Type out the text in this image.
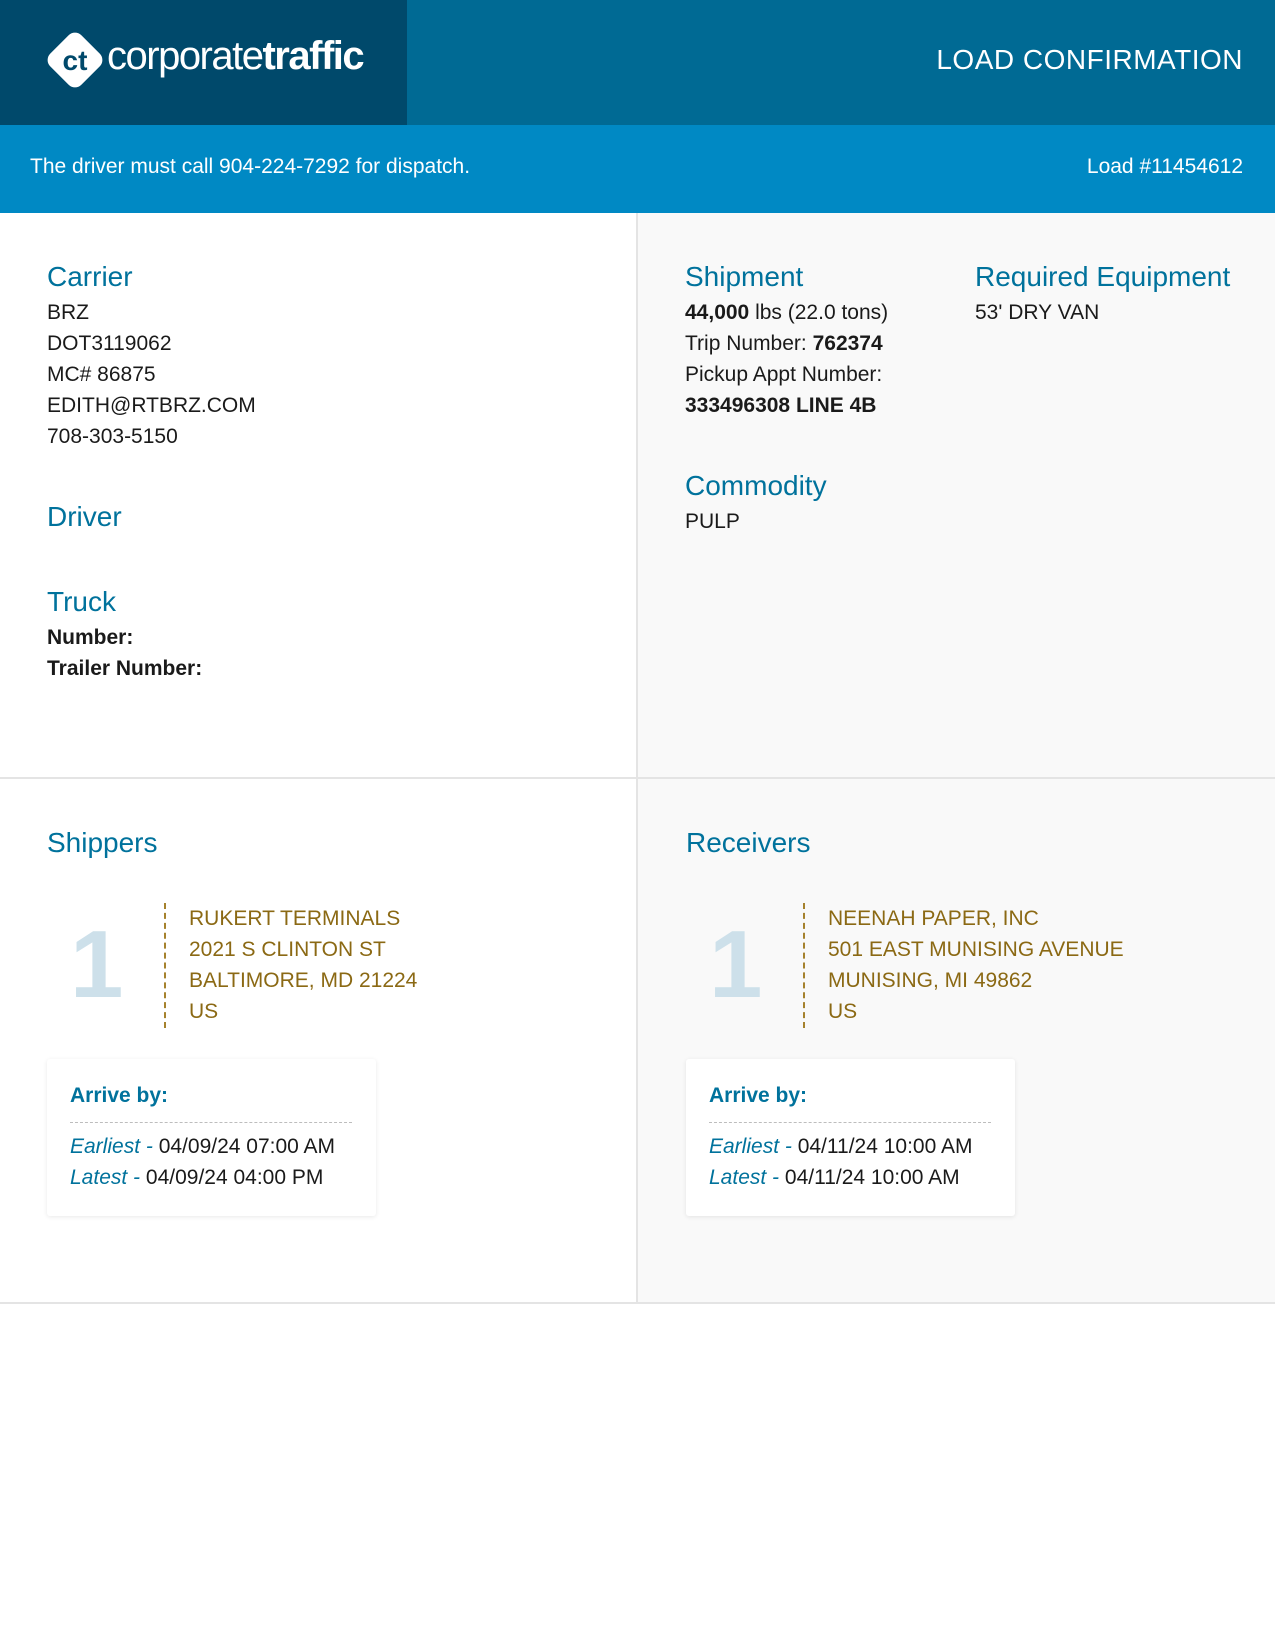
ct corporatetraffic	LOAD CONFIRMATION
The driver must call 904-224-7292 for dispatch.	Load #11454612
Carrier
BRZ
DOT3119062
MC# 86875
EDITH@RTBRZ.COM
708-303-5150
Driver
Truck
Number:
Trailer Number:
Shipment
44,000 lbs (22.0 tons)
Trip Number: 762374
Pickup Appt Number:
333496308 LINE 4B
Required Equipment
53' DRY VAN
Commodity
PULP
Shippers
1	RUKERT TERMINALS
2021 S CLINTON ST
BALTIMORE, MD 21224
US
Arrive by:
Earliest - 04/09/24 07:00 AM
Latest - 04/09/24 04:00 PM
Receivers
1	NEENAH PAPER, INC
501 EAST MUNISING AVENUE
MUNISING, MI 49862
US
Arrive by:
Earliest - 04/11/24 10:00 AM
Latest - 04/11/24 10:00 AM
